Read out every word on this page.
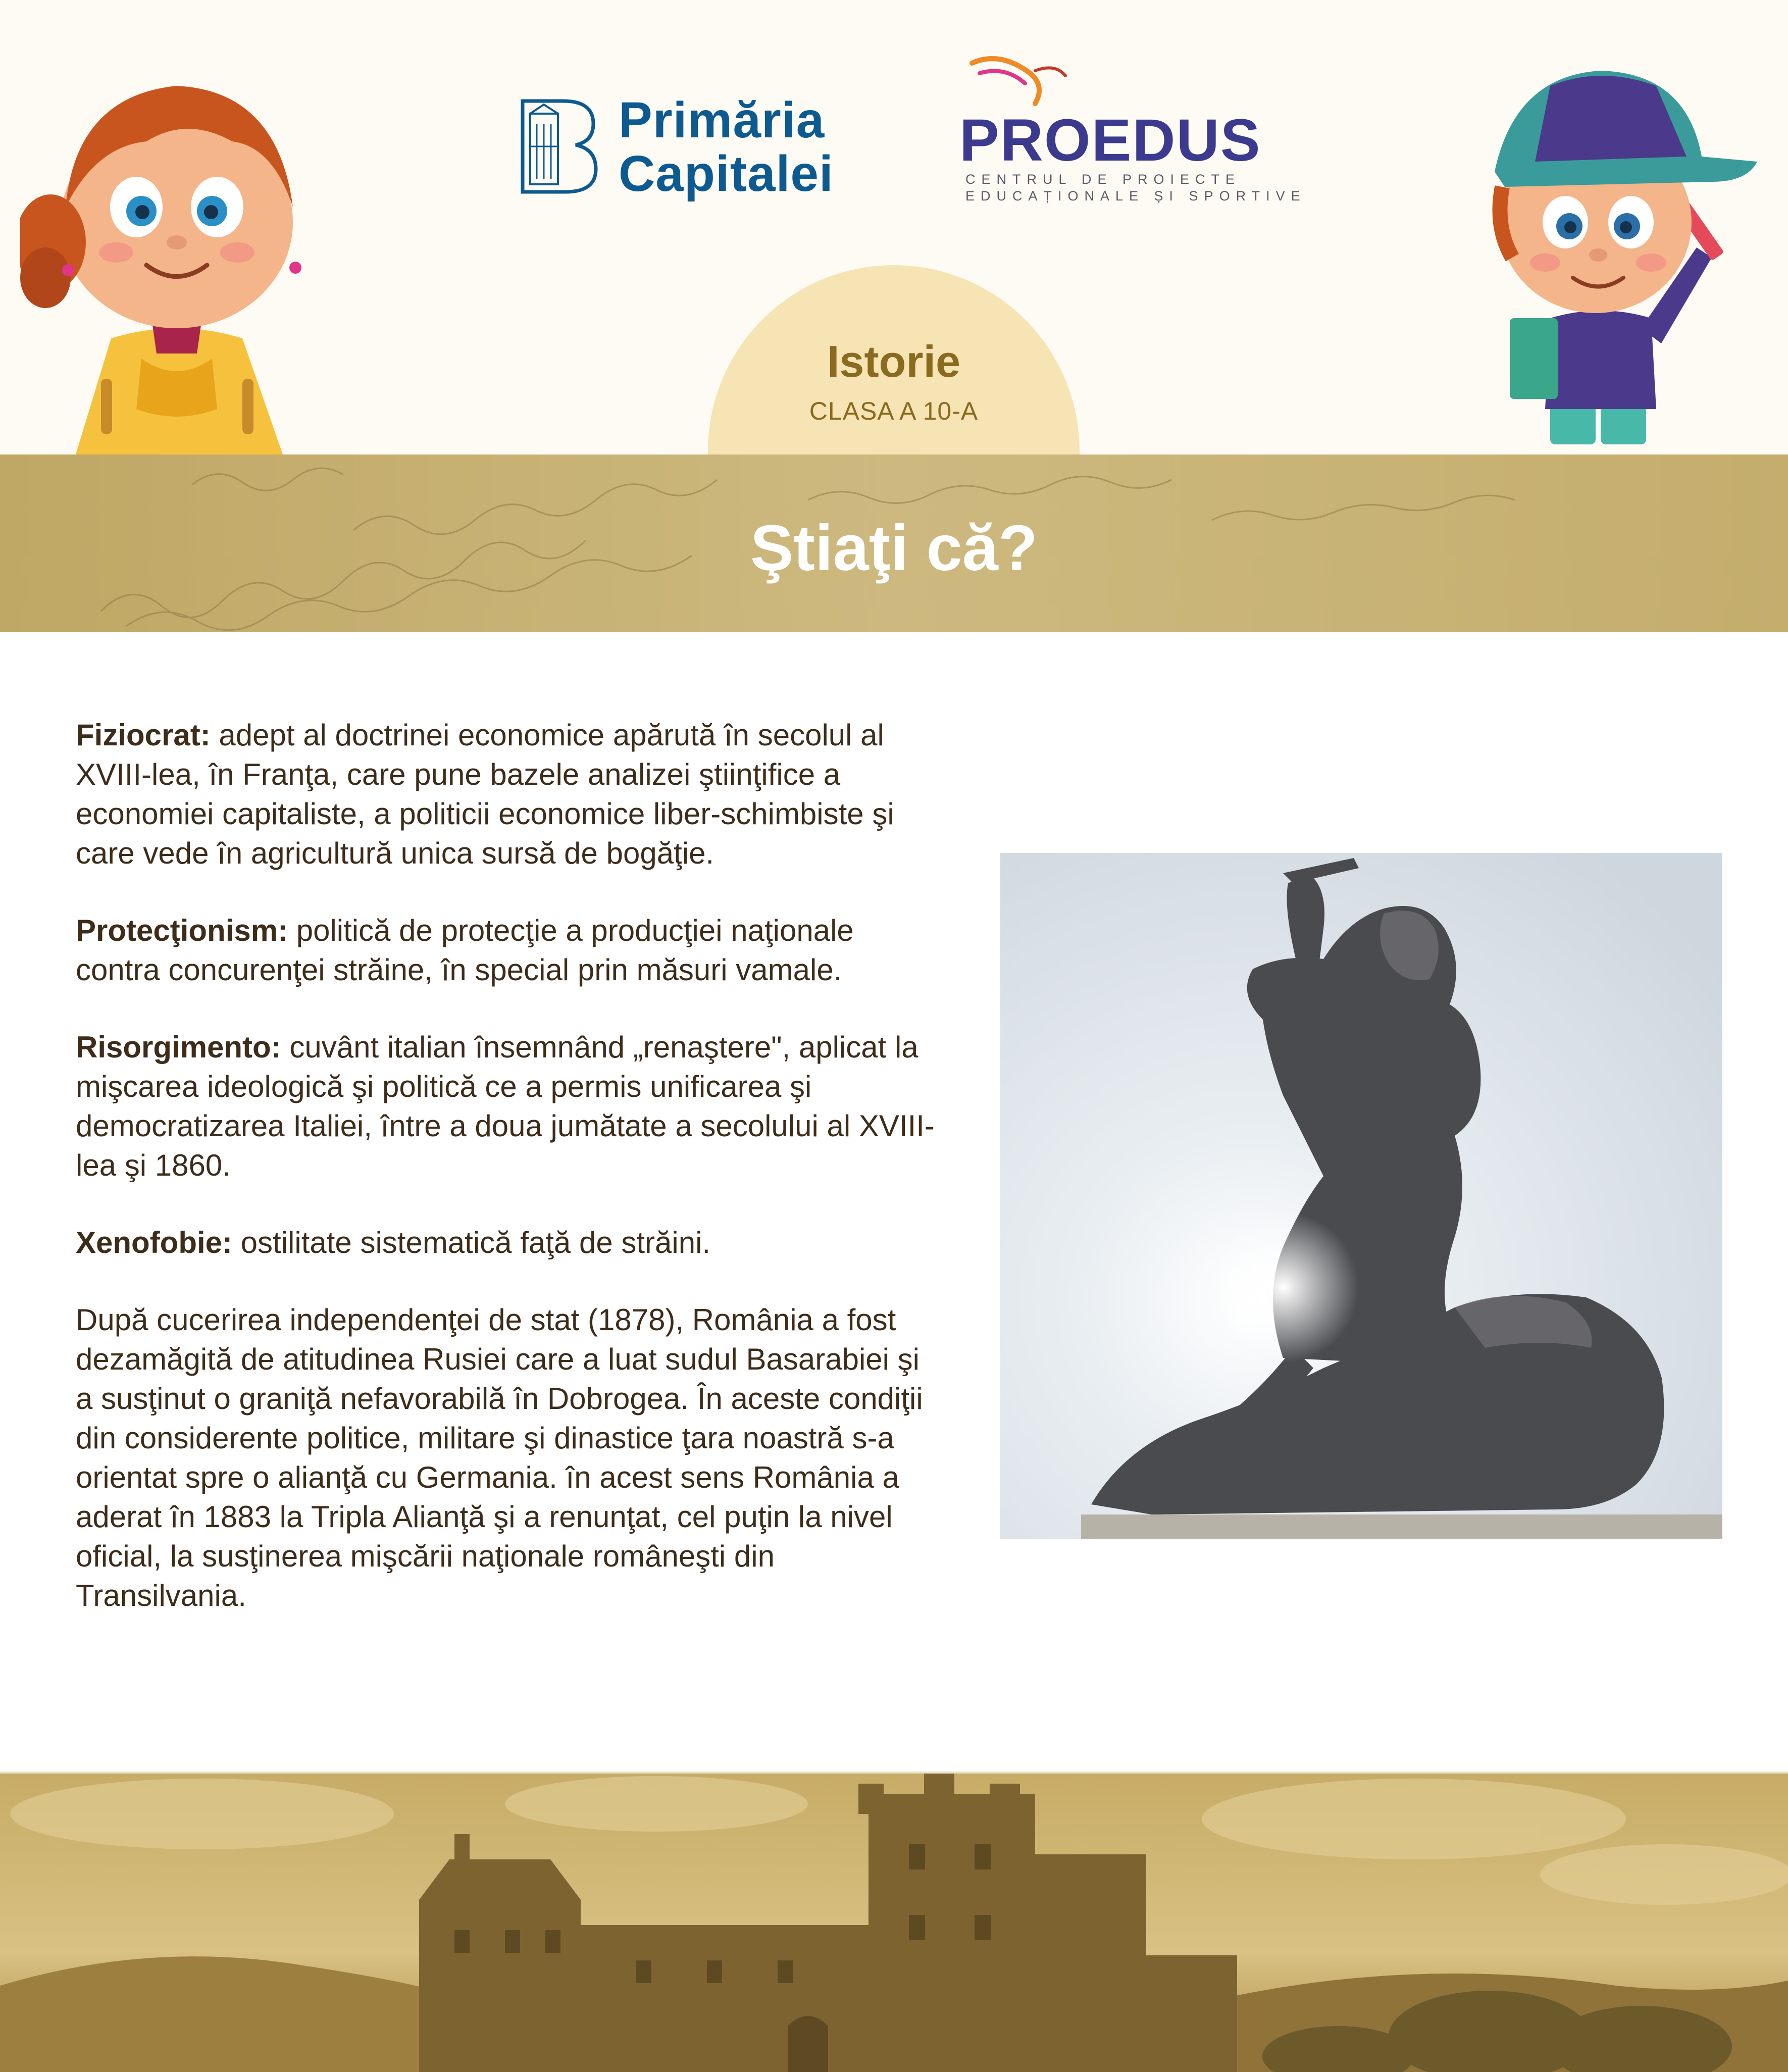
Primăria
Capitalei PROEDUS
CENTRUL DE PROIECTE
EDUCAȚIONALE ȘI SPORTIVE
Istorie
CLASA A 10-A
Ştiaţi că?

Fiziocrat: adept al doctrinei economice apărută în secolul al XVIII-lea, în Franţa, care pune bazele analizei ştiinţifice a economiei capitaliste, a politicii economice liber-schimbiste şi care vede în agricultură unica sursă de bogăţie.

Protecţionism: politică de protecţie a producţiei naţionale contra concurenţei străine, în special prin măsuri vamale.

Risorgimento: cuvânt italian însemnând „renaştere", aplicat la mişcarea ideologică şi politică ce a permis unificarea şi democratizarea Italiei, între a doua jumătate a secolului al XVIII-lea şi 1860.

Xenofobie: ostilitate sistematică faţă de străini.

După cucerirea independenţei de stat (1878), România a fost dezamăgită de atitudinea Rusiei care a luat sudul Basarabiei şi a susţinut o graniţă nefavorabilă în Dobrogea. În aceste condiţii din considerente politice, militare şi dinastice ţara noastră s-a orientat spre o alianţă cu Germania. în acest sens România a aderat în 1883 la Tripla Alianţă şi a renunţat, cel puţin la nivel oficial, la susţinerea mişcării naţionale româneşti din Transilvania.
